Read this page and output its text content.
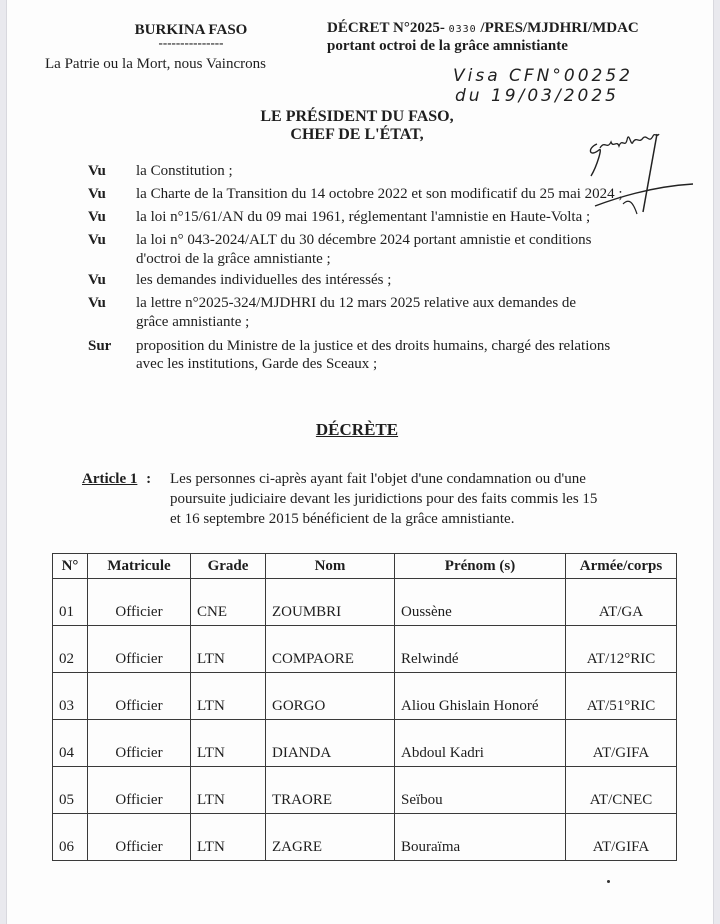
BURKINA FASO
---------------
La Patrie ou la Mort, nous Vaincrons
DÉCRET N°2025- 0330 /PRES/MJDHRI/MDAC
portant octroi de la grâce amnistiante
Visa CFN°00252
du 19/03/2025
LE PRÉSIDENT DU FASO,
CHEF DE L'ÉTAT,
Vu la Constitution ;
Vu la Charte de la Transition du 14 octobre 2022 et son modificatif du 25 mai 2024 ;
Vu la loi n°15/61/AN du 09 mai 1961, réglementant l'amnistie en Haute-Volta ;
Vu la loi n° 043-2024/ALT du 30 décembre 2024 portant amnistie et conditions
d'octroi de la grâce amnistiante ;
Vu les demandes individuelles des intéressés ;
Vu la lettre n°2025-324/MJDHRI du 12 mars 2025 relative aux demandes de
grâce amnistiante ;
Sur proposition du Ministre de la justice et des droits humains, chargé des relations
avec les institutions, Garde des Sceaux ;
DÉCRÈTE
Article 1 : Les personnes ci-après ayant fait l'objet d'une condamnation ou d'une
poursuite judiciaire devant les juridictions pour des faits commis les 15
et 16 septembre 2015 bénéficient de la grâce amnistiante.
N°	Matricule	Grade	Nom	Prénom (s)	Armée/corps
01	Officier	CNE	ZOUMBRI	Oussène	AT/GA
02	Officier	LTN	COMPAORE	Relwindé	AT/12°RIC
03	Officier	LTN	GORGO	Aliou Ghislain Honoré	AT/51°RIC
04	Officier	LTN	DIANDA	Abdoul Kadri	AT/GIFA
05	Officier	LTN	TRAORE	Seïbou	AT/CNEC
06	Officier	LTN	ZAGRE	Bouraïma	AT/GIFA
